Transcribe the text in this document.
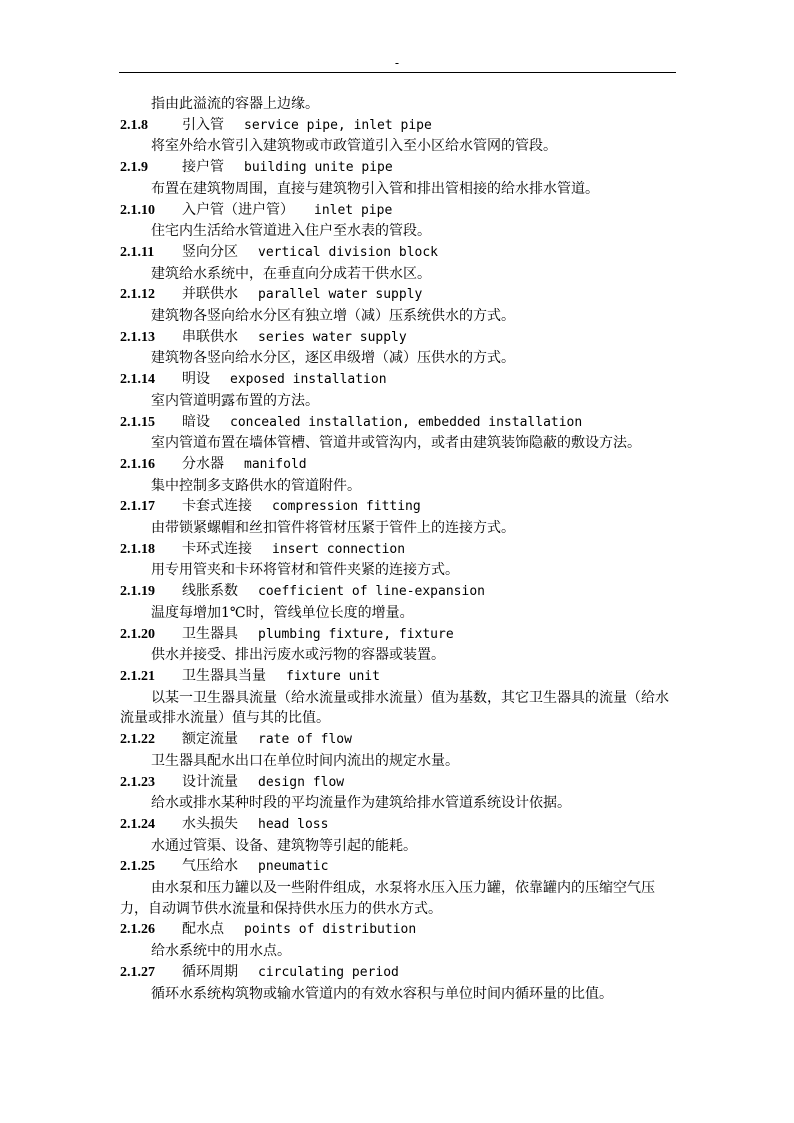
-
指由此溢流的容器上边缘。
2.1.8 引入管 service pipe, inlet pipe
将室外给水管引入建筑物或市政管道引入至小区给水管网的管段。
2.1.9 接户管 building unite pipe
布置在建筑物周围，直接与建筑物引入管和排出管相接的给水排水管道。
2.1.10 入户管（进户管） inlet pipe
住宅内生活给水管道进入住户至水表的管段。
2.1.11 竖向分区 vertical division block
建筑给水系统中，在垂直向分成若干供水区。
2.1.12 并联供水 parallel water supply
建筑物各竖向给水分区有独立增（减）压系统供水的方式。
2.1.13 串联供水 series water supply
建筑物各竖向给水分区，逐区串级增（减）压供水的方式。
2.1.14 明设 exposed installation
室内管道明露布置的方法。
2.1.15 暗设 concealed installation, embedded installation
室内管道布置在墙体管槽、管道井或管沟内，或者由建筑装饰隐蔽的敷设方法。
2.1.16 分水器 manifold
集中控制多支路供水的管道附件。
2.1.17 卡套式连接 compression fitting
由带锁紧螺帽和丝扣管件将管材压紧于管件上的连接方式。
2.1.18 卡环式连接 insert connection
用专用管夹和卡环将管材和管件夹紧的连接方式。
2.1.19 线胀系数 coefficient of line-expansion
温度每增加1℃时，管线单位长度的增量。
2.1.20 卫生器具 plumbing fixture, fixture
供水并接受、排出污废水或污物的容器或装置。
2.1.21 卫生器具当量 fixture unit
以某一卫生器具流量（给水流量或排水流量）值为基数，其它卫生器具的流量（给水流量或排水流量）值与其的比值。
2.1.22 额定流量 rate of flow
卫生器具配水出口在单位时间内流出的规定水量。
2.1.23 设计流量 design flow
给水或排水某种时段的平均流量作为建筑给排水管道系统设计依据。
2.1.24 水头损失 head loss
水通过管渠、设备、建筑物等引起的能耗。
2.1.25 气压给水 pneumatic
由水泵和压力罐以及一些附件组成，水泵将水压入压力罐，依靠罐内的压缩空气压力，自动调节供水流量和保持供水压力的供水方式。
2.1.26 配水点 points of distribution
给水系统中的用水点。
2.1.27 循环周期 circulating period
循环水系统构筑物或输水管道内的有效水容积与单位时间内循环量的比值。
